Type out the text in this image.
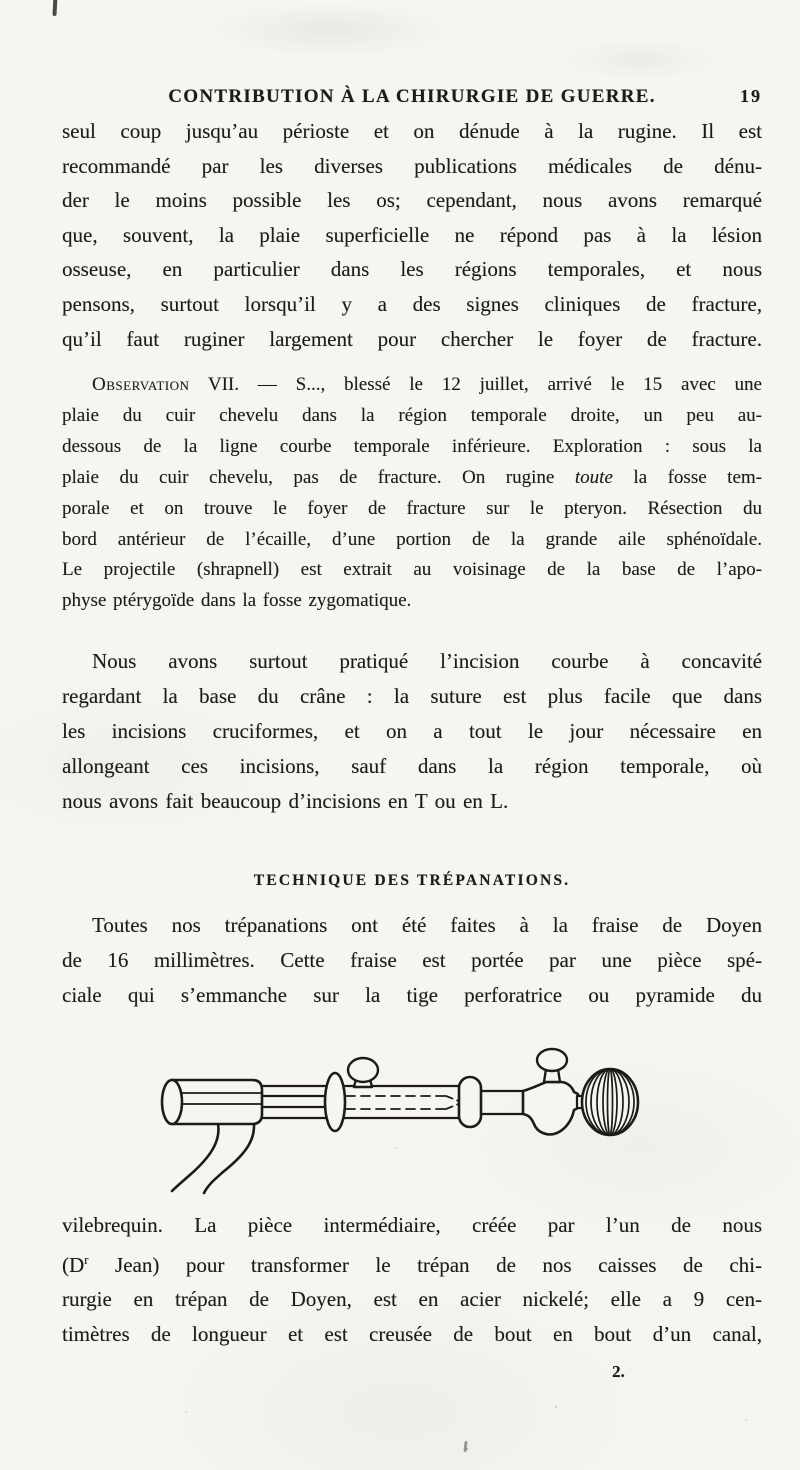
CONTRIBUTION À LA CHIRURGIE DE GUERRE.	19
seul coup jusqu’au périoste et on dénude à la rugine. Il est
recommandé par les diverses publications médicales de dénu-
der le moins possible les os; cependant, nous avons remarqué
que, souvent, la plaie superficielle ne répond pas à la lésion
osseuse, en particulier dans les régions temporales, et nous
pensons, surtout lorsqu’il y a des signes cliniques de fracture,
qu’il faut ruginer largement pour chercher le foyer de fracture.
Observation VII. — S..., blessé le 12 juillet, arrivé le 15 avec une
plaie du cuir chevelu dans la région temporale droite, un peu au-
dessous de la ligne courbe temporale inférieure. Exploration : sous la
plaie du cuir chevelu, pas de fracture. On rugine toute la fosse tem-
porale et on trouve le foyer de fracture sur le pteryon. Résection du
bord antérieur de l’écaille, d’une portion de la grande aile sphénoïdale.
Le projectile (shrapnell) est extrait au voisinage de la base de l’apo-
physe ptérygoïde dans la fosse zygomatique.
Nous avons surtout pratiqué l’incision courbe à concavité
regardant la base du crâne : la suture est plus facile que dans
les incisions cruciformes, et on a tout le jour nécessaire en
allongeant ces incisions, sauf dans la région temporale, où
nous avons fait beaucoup d’incisions en T ou en L.
TECHNIQUE DES TRÉPANATIONS.
Toutes nos trépanations ont été faites à la fraise de Doyen
de 16 millimètres. Cette fraise est portée par une pièce spé-
ciale qui s’emmanche sur la tige perforatrice ou pyramide du
vilebrequin. La pièce intermédiaire, créée par l’un de nous
($D^r$ Jean) pour transformer le trépan de nos caisses de chi-
rurgie en trépan de Doyen, est en acier nickelé; elle a 9 cen-
timètres de longueur et est creusée de bout en bout d’un canal,
2.
